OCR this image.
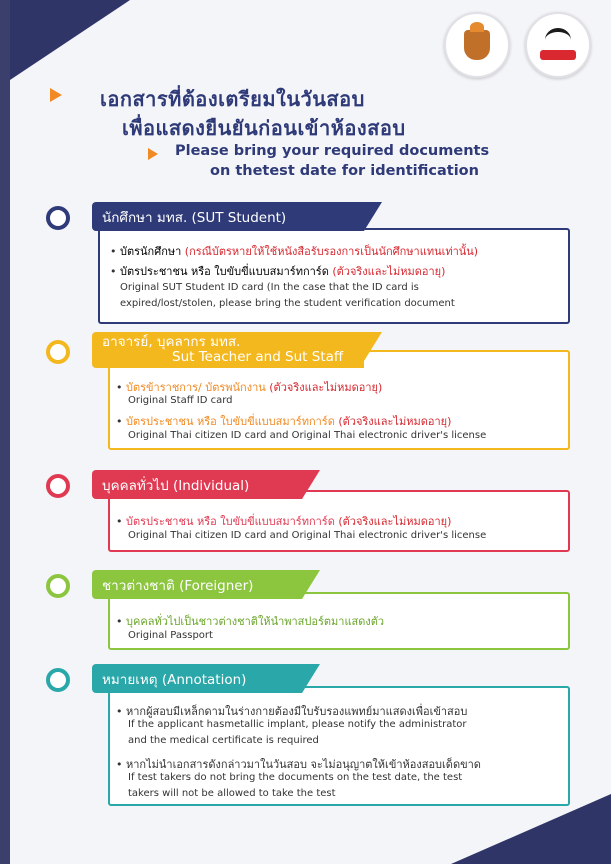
เอกสารที่ต้องเตรียมในวันสอบ
เพื่อแสดงยืนยันก่อนเข้าห้องสอบ
Please bring your required documents
on thetest date for identification
นักศึกษา มทส. (SUT Student)
• บัตรนักศึกษา (กรณีบัตรหายให้ใช้หนังสือรับรองการเป็นนักศึกษาแทนเท่านั้น)
• บัตรประชาชน หรือ ใบขับขี่แบบสมาร์ทการ์ด (ตัวจริงและไม่หมดอายุ)
Original SUT Student ID card (In the case that the ID card is
expired/lost/stolen, please bring the student verification document
อาจารย์, บุคลากร มทส.
Sut Teacher and Sut Staff
• บัตรข้าราชการ/ บัตรพนักงาน (ตัวจริงและไม่หมดอายุ)
Original Staff ID card
• บัตรประชาชน หรือ ใบขับขี่แบบสมาร์ทการ์ด (ตัวจริงและไม่หมดอายุ)
Original Thai citizen ID card and Original Thai electronic driver's license
บุคคลทั่วไป (Individual)
• บัตรประชาชน หรือ ใบขับขี่แบบสมาร์ทการ์ด (ตัวจริงและไม่หมดอายุ)
Original Thai citizen ID card and Original Thai electronic driver's license
ชาวต่างชาติ (Foreigner)
• บุคคลทั่วไปเป็นชาวต่างชาติให้นำพาสปอร์ตมาแสดงตัว
Original Passport
หมายเหตุ (Annotation)
• หากผู้สอบมีเหล็กดามในร่างกายต้องมีใบรับรองแพทย์มาแสดงเพื่อเข้าสอบ
If the applicant hasmetallic implant, please notify the administrator
and the medical certificate is required
• หากไม่นำเอกสารดังกล่าวมาในวันสอบ จะไม่อนุญาตให้เข้าห้องสอบเด็ดขาด
If test takers do not bring the documents on the test date, the test
takers will not be allowed to take the test
